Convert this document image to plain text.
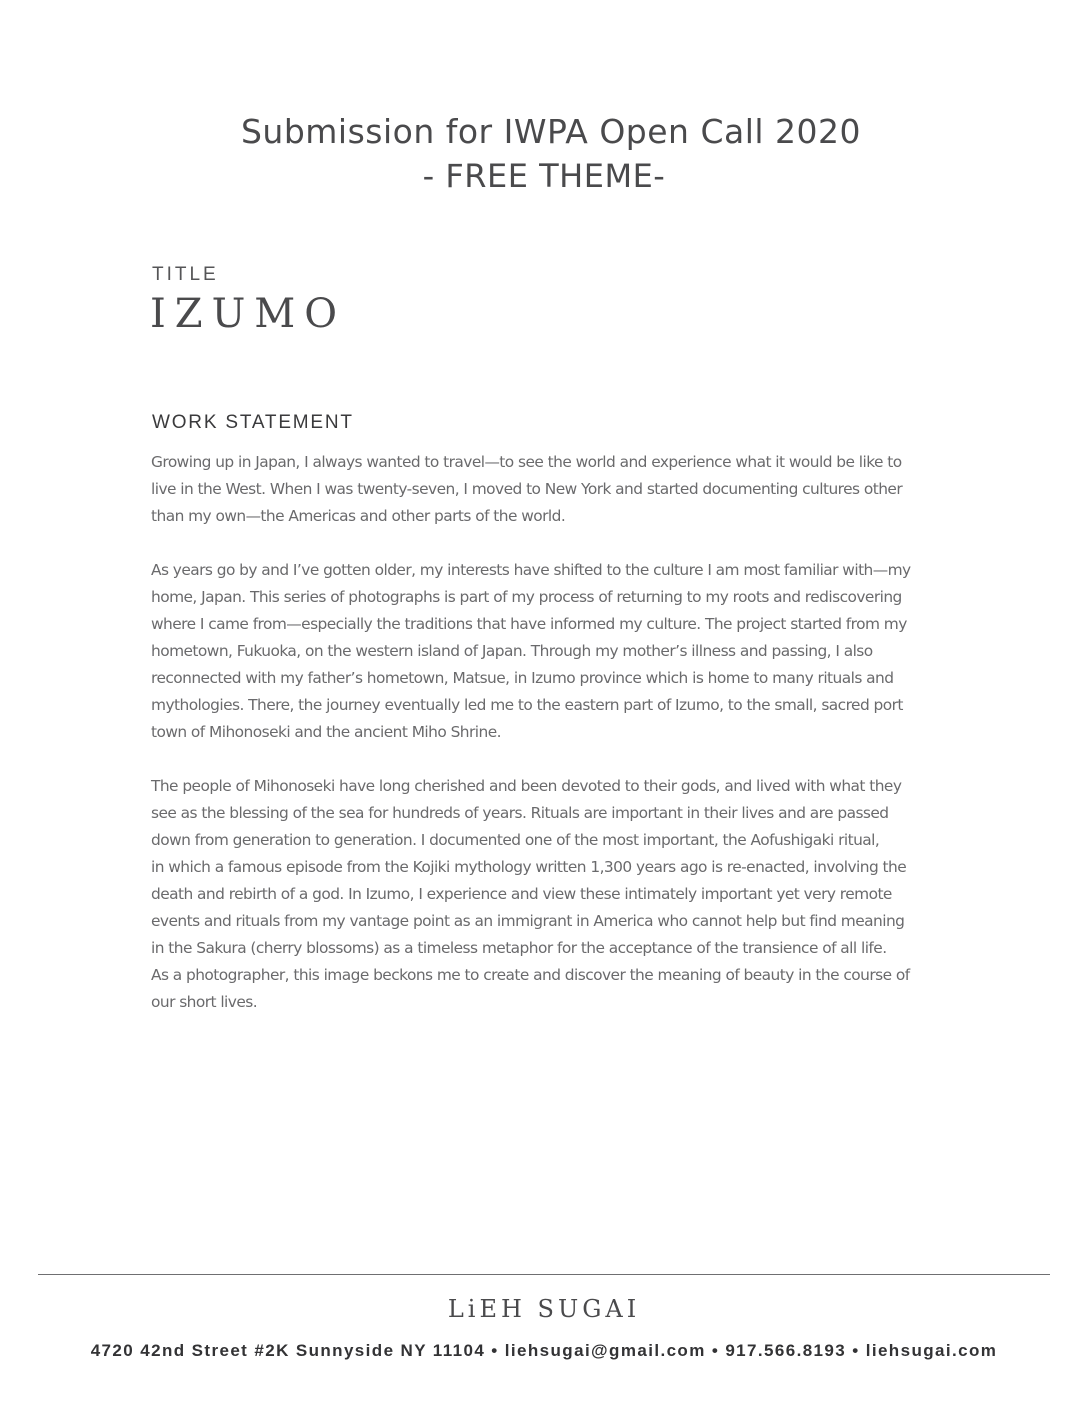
Submission for IWPA Open Call 2020
- FREE THEME-
TITLE
IZUMO
WORK STATEMENT

Growing up in Japan, I always wanted to travel—to see the world and experience what it would be like to
live in the West. When I was twenty-seven, I moved to New York and started documenting cultures other
than my own—the Americas and other parts of the world.

As years go by and I’ve gotten older, my interests have shifted to the culture I am most familiar with—my
home, Japan. This series of photographs is part of my process of returning to my roots and rediscovering
where I came from—especially the traditions that have informed my culture. The project started from my
hometown, Fukuoka, on the western island of Japan. Through my mother’s illness and passing, I also
reconnected with my father’s hometown, Matsue, in Izumo province which is home to many rituals and
mythologies. There, the journey eventually led me to the eastern part of Izumo, to the small, sacred port
town of Mihonoseki and the ancient Miho Shrine.

The people of Mihonoseki have long cherished and been devoted to their gods, and lived with what they
see as the blessing of the sea for hundreds of years. Rituals are important in their lives and are passed
down from generation to generation. I documented one of the most important, the Aofushigaki ritual,
in which a famous episode from the Kojiki mythology written 1,300 years ago is re-enacted, involving the
death and rebirth of a god. In Izumo, I experience and view these intimately important yet very remote
events and rituals from my vantage point as an immigrant in America who cannot help but find meaning
in the Sakura (cherry blossoms) as a timeless metaphor for the acceptance of the transience of all life.
As a photographer, this image beckons me to create and discover the meaning of beauty in the course of
our short lives.

LiEH SUGAI
4720 42nd Street #2K Sunnyside NY 11104 • liehsugai@gmail.com • 917.566.8193 • liehsugai.com
